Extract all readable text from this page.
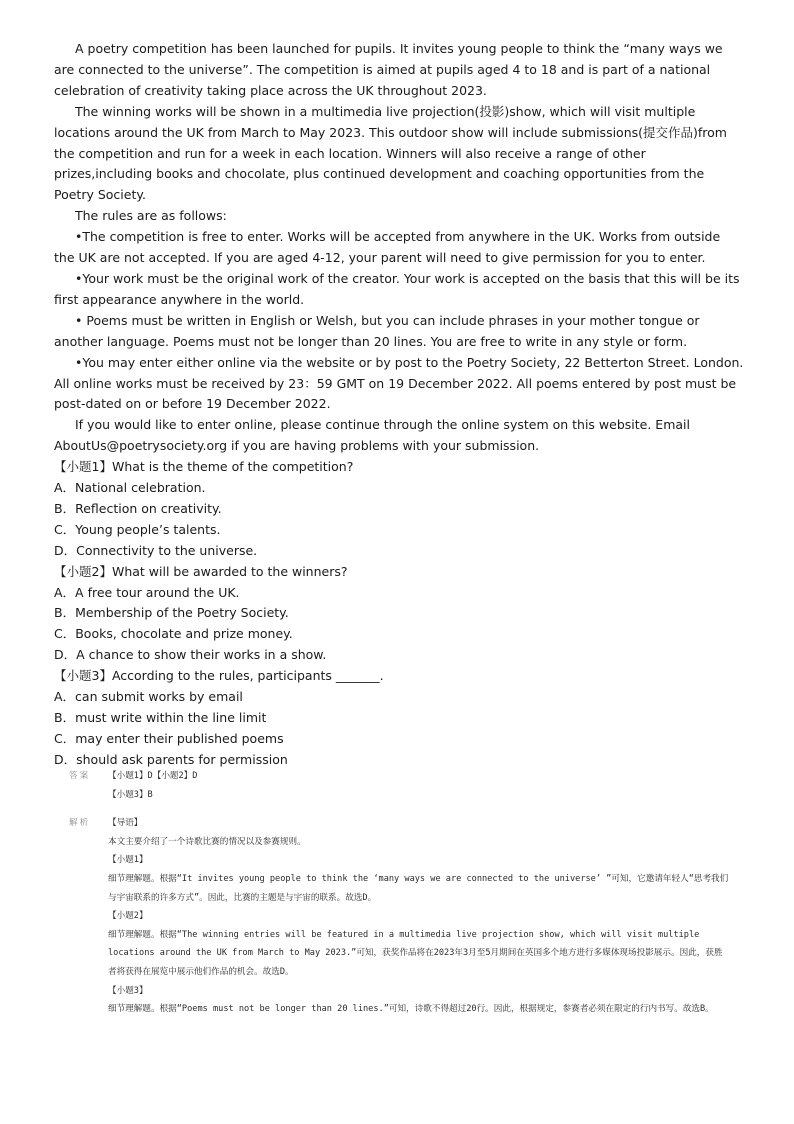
A poetry competition has been launched for pupils. It invites young people to think the “many ways we are connected to the universe”. The competition is aimed at pupils aged 4 to 18 and is part of a national celebration of creativity taking place across the UK throughout 2023.

The winning works will be shown in a multimedia live projection(投影)show, which will visit multiple locations around the UK from March to May 2023. This outdoor show will include submissions(提交作品)from the competition and run for a week in each location. Winners will also receive a range of other prizes,including books and chocolate, plus continued development and coaching opportunities from the Poetry Society.

The rules are as follows:

•The competition is free to enter. Works will be accepted from anywhere in the UK. Works from outside the UK are not accepted. If you are aged 4-12, your parent will need to give permission for you to enter.

•Your work must be the original work of the creator. Your work is accepted on the basis that this will be its first appearance anywhere in the world.

• Poems must be written in English or Welsh, but you can include phrases in your mother tongue or another language. Poems must not be longer than 20 lines. You are free to write in any style or form.

•You may enter either online via the website or by post to the Poetry Society, 22 Betterton Street. London. All online works must be received by 23：59 GMT on 19 December 2022. All poems entered by post must be post-dated on or before 19 December 2022.

If you would like to enter online, please continue through the online system on this website. Email AboutUs@poetrysociety.org if you are having problems with your submission.

【小题1】What is the theme of the competition?

A．National celebration.

B．Reflection on creativity.

C．Young people’s talents.

D．Connectivity to the universe.

【小题2】What will be awarded to the winners?

A．A free tour around the UK.

B．Membership of the Poetry Society.

C．Books, chocolate and prize money.

D．A chance to show their works in a show.

【小题3】According to the rules, participants _______.

A．can submit works by email

B．must write within the line limit

C．may enter their published poems

D．should ask parents for permission

答案	【小题1】D【小题2】D

【小题3】B

解析	【导语】

本文主要介绍了一个诗歌比赛的情况以及参赛规则。

【小题1】

细节理解题。根据“It invites young people to think the ‘many ways we are connected to the universe’ ”可知，它邀请年轻人“思考我们与宇宙联系的许多方式”。因此，比赛的主题是与宇宙的联系。故选D。

【小题2】

细节理解题。根据“The winning entries will be featured in a multimedia live projection show, which will visit multiple locations around the UK from March to May 2023.”可知，获奖作品将在2023年3月至5月期间在英国多个地方进行多媒体现场投影展示。因此，获胜者将获得在展览中展示他们作品的机会。故选D。

【小题3】

细节理解题。根据“Poems must not be longer than 20 lines.”可知，诗歌不得超过20行。因此，根据规定，参赛者必须在限定的行内书写。故选B。
